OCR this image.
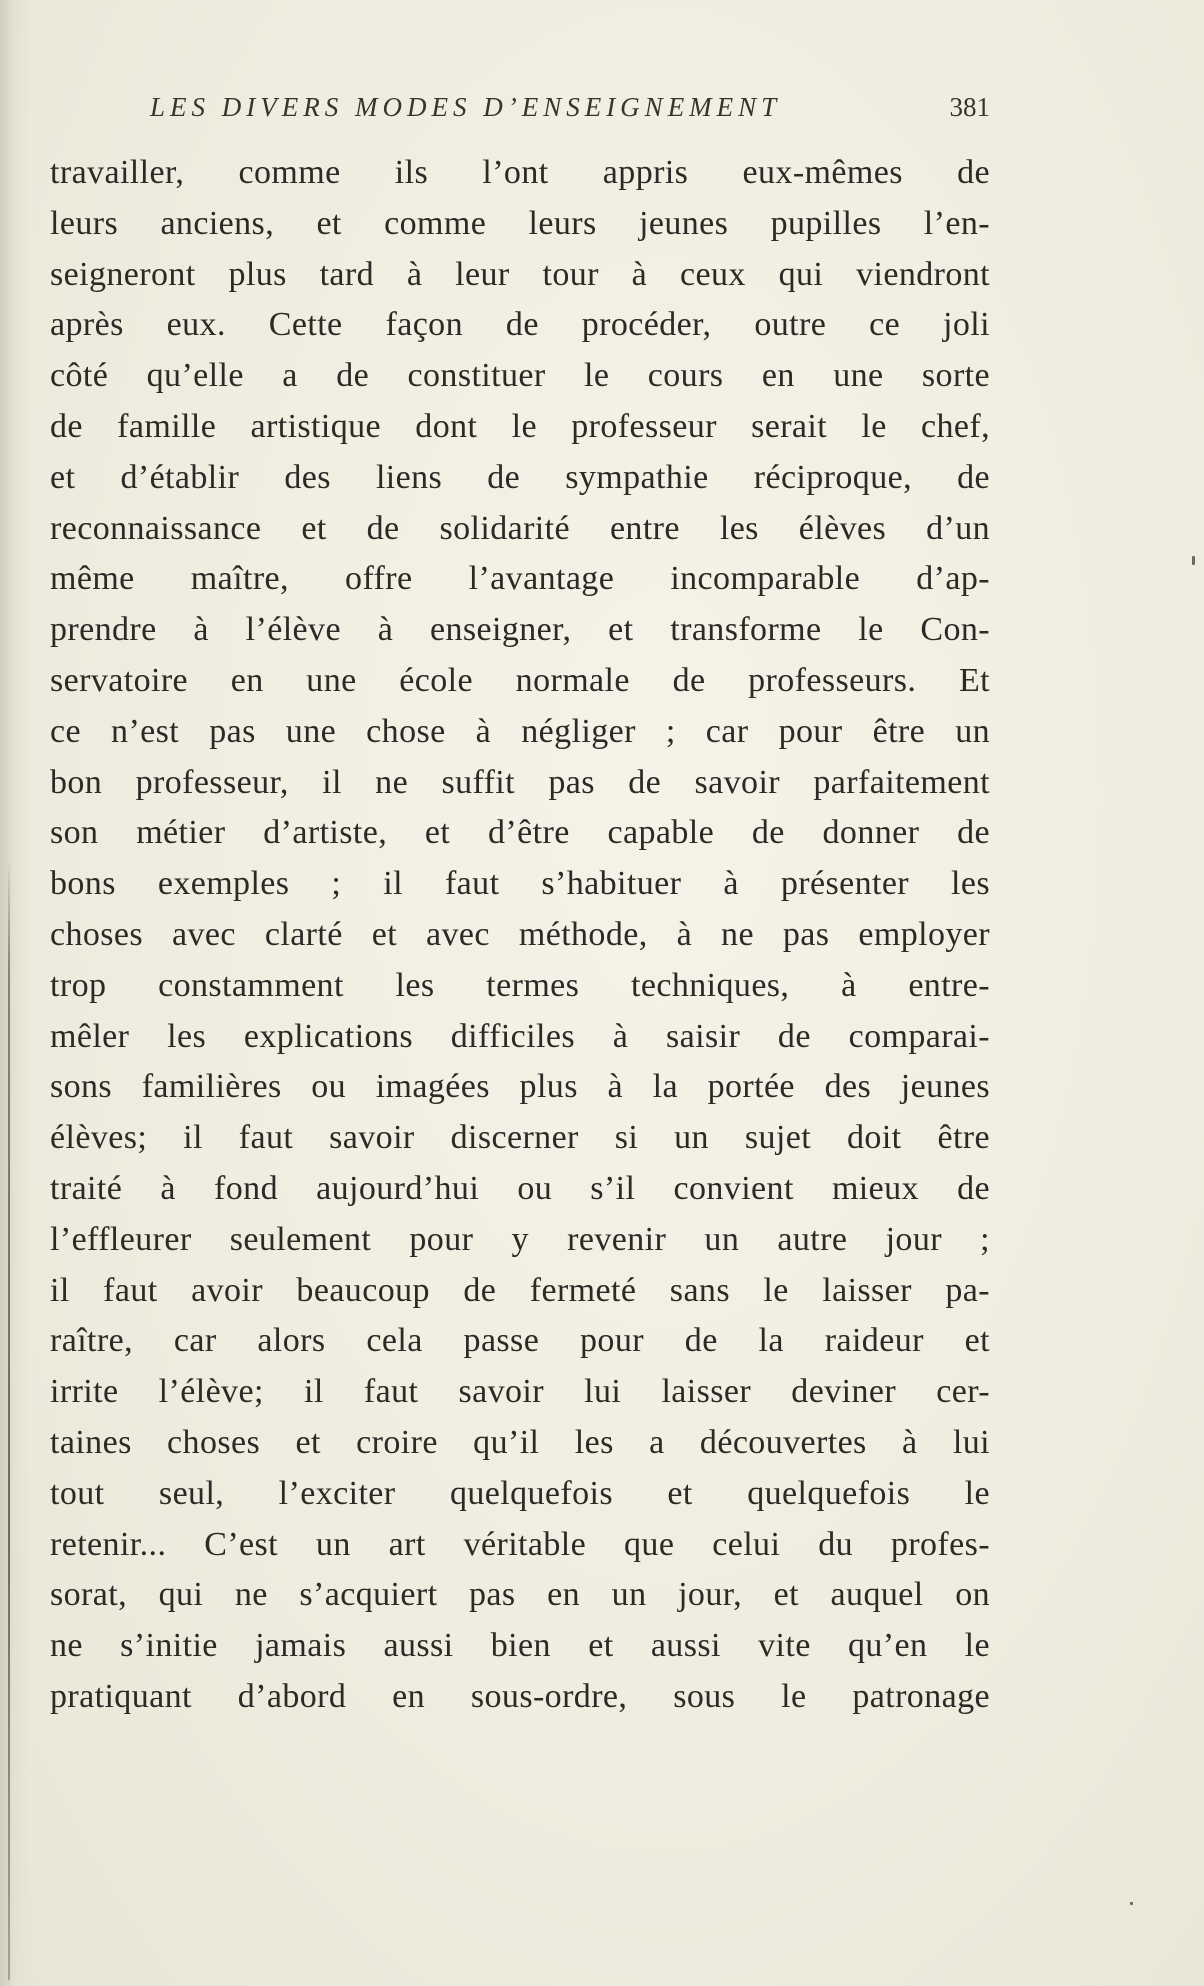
LES DIVERS MODES D’ENSEIGNEMENT	381
travailler, comme ils l’ont appris eux-mêmes de
leurs anciens, et comme leurs jeunes pupilles l’en-
seigneront plus tard à leur tour à ceux qui viendront
après eux. Cette façon de procéder, outre ce joli
côté qu’elle a de constituer le cours en une sorte
de famille artistique dont le professeur serait le chef,
et d’établir des liens de sympathie réciproque, de
reconnaissance et de solidarité entre les élèves d’un
même maître, offre l’avantage incomparable d’ap-
prendre à l’élève à enseigner, et transforme le Con-
servatoire en une école normale de professeurs. Et
ce n’est pas une chose à négliger ; car pour être un
bon professeur, il ne suffit pas de savoir parfaitement
son métier d’artiste, et d’être capable de donner de
bons exemples ; il faut s’habituer à présenter les
choses avec clarté et avec méthode, à ne pas employer
trop constamment les termes techniques, à entre-
mêler les explications difficiles à saisir de comparai-
sons familières ou imagées plus à la portée des jeunes
élèves; il faut savoir discerner si un sujet doit être
traité à fond aujourd’hui ou s’il convient mieux de
l’effleurer seulement pour y revenir un autre jour ;
il faut avoir beaucoup de fermeté sans le laisser pa-
raître, car alors cela passe pour de la raideur et
irrite l’élève; il faut savoir lui laisser deviner cer-
taines choses et croire qu’il les a découvertes à lui
tout seul, l’exciter quelquefois et quelquefois le
retenir... C’est un art véritable que celui du profes-
sorat, qui ne s’acquiert pas en un jour, et auquel on
ne s’initie jamais aussi bien et aussi vite qu’en le
pratiquant d’abord en sous-ordre, sous le patronage
